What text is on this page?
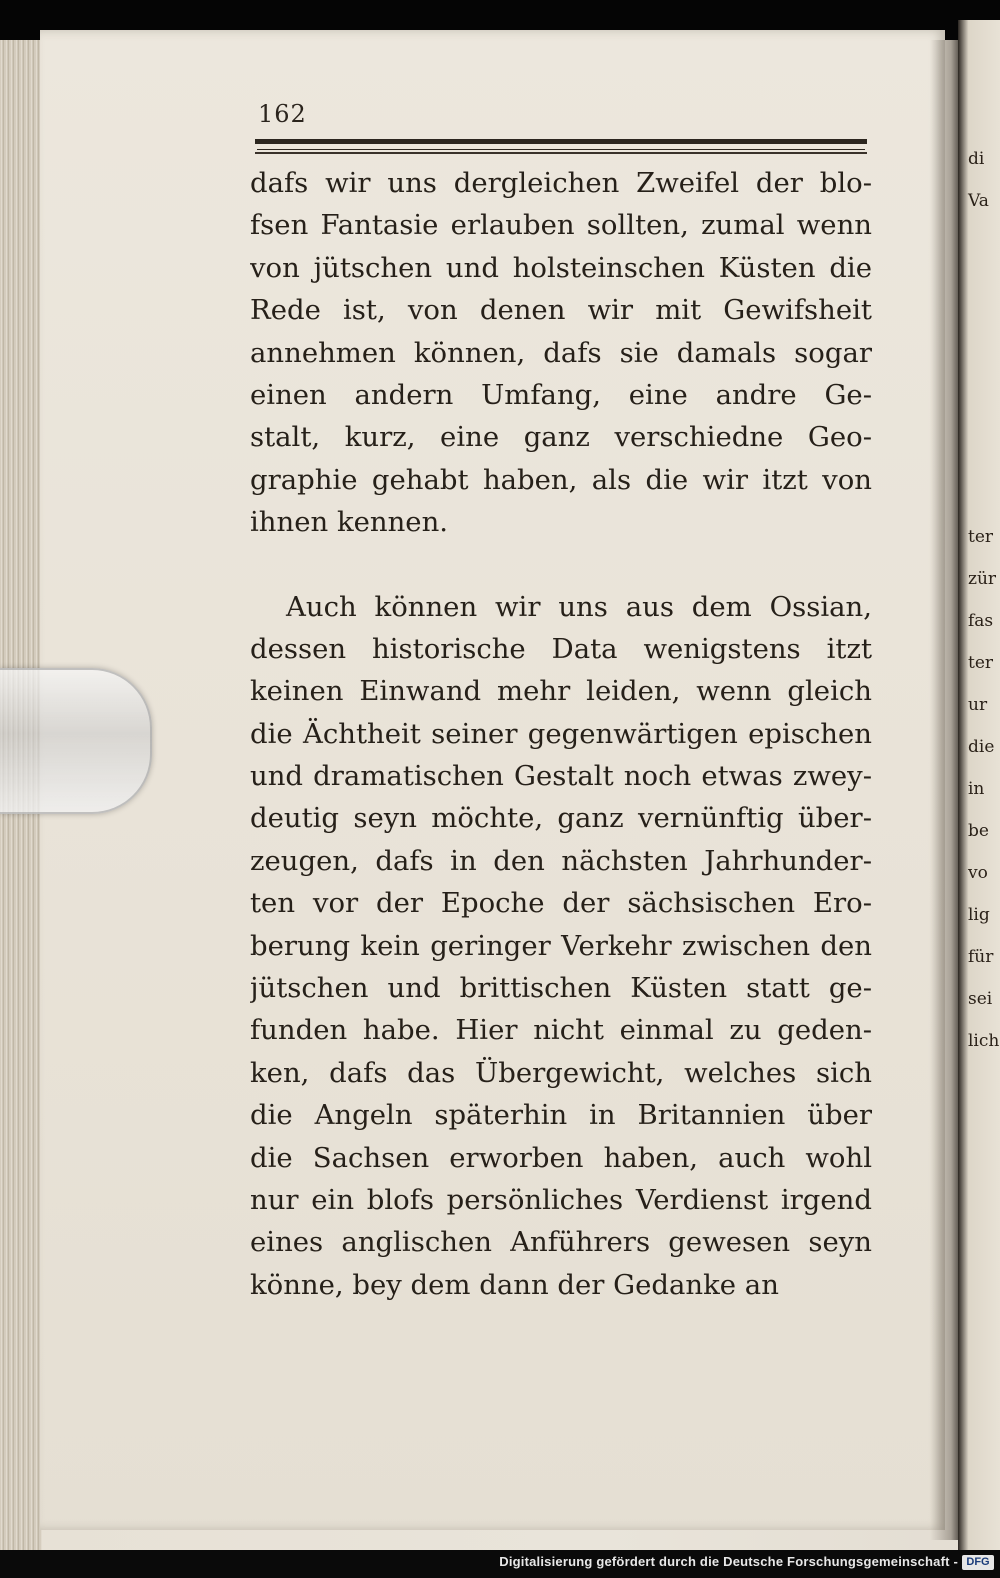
di
Va
ter
zür
fas
ter
ur
die
in
be
vo
lig
für
sei
lich
162
dafs wir uns dergleichen Zweifel der blo-
fsen Fantasie erlauben sollten, zumal wenn
von jütschen und holsteinschen Küsten die
Rede ist, von denen wir mit Gewifsheit
annehmen können, dafs sie damals sogar
einen andern Umfang, eine andre Ge-
stalt, kurz, eine ganz verschiedne Geo-
graphie gehabt haben, als die wir itzt von
ihnen kennen.
Auch können wir uns aus dem Ossian,
dessen historische Data wenigstens itzt
keinen Einwand mehr leiden, wenn gleich
die Ächtheit seiner gegenwärtigen epischen
und dramatischen Gestalt noch etwas zwey-
deutig seyn möchte, ganz vernünftig über-
zeugen, dafs in den nächsten Jahrhunder-
ten vor der Epoche der sächsischen Ero-
berung kein geringer Verkehr zwischen den
jütschen und brittischen Küsten statt ge-
funden habe. Hier nicht einmal zu geden-
ken, dafs das Übergewicht, welches sich
die Angeln späterhin in Britannien über
die Sachsen erworben haben, auch wohl
nur ein blofs persönliches Verdienst irgend
eines anglischen Anführers gewesen seyn
könne, bey dem dann der Gedanke an
Digitalisierung gefördert durch die Deutsche Forschungsgemeinschaft - DFG
